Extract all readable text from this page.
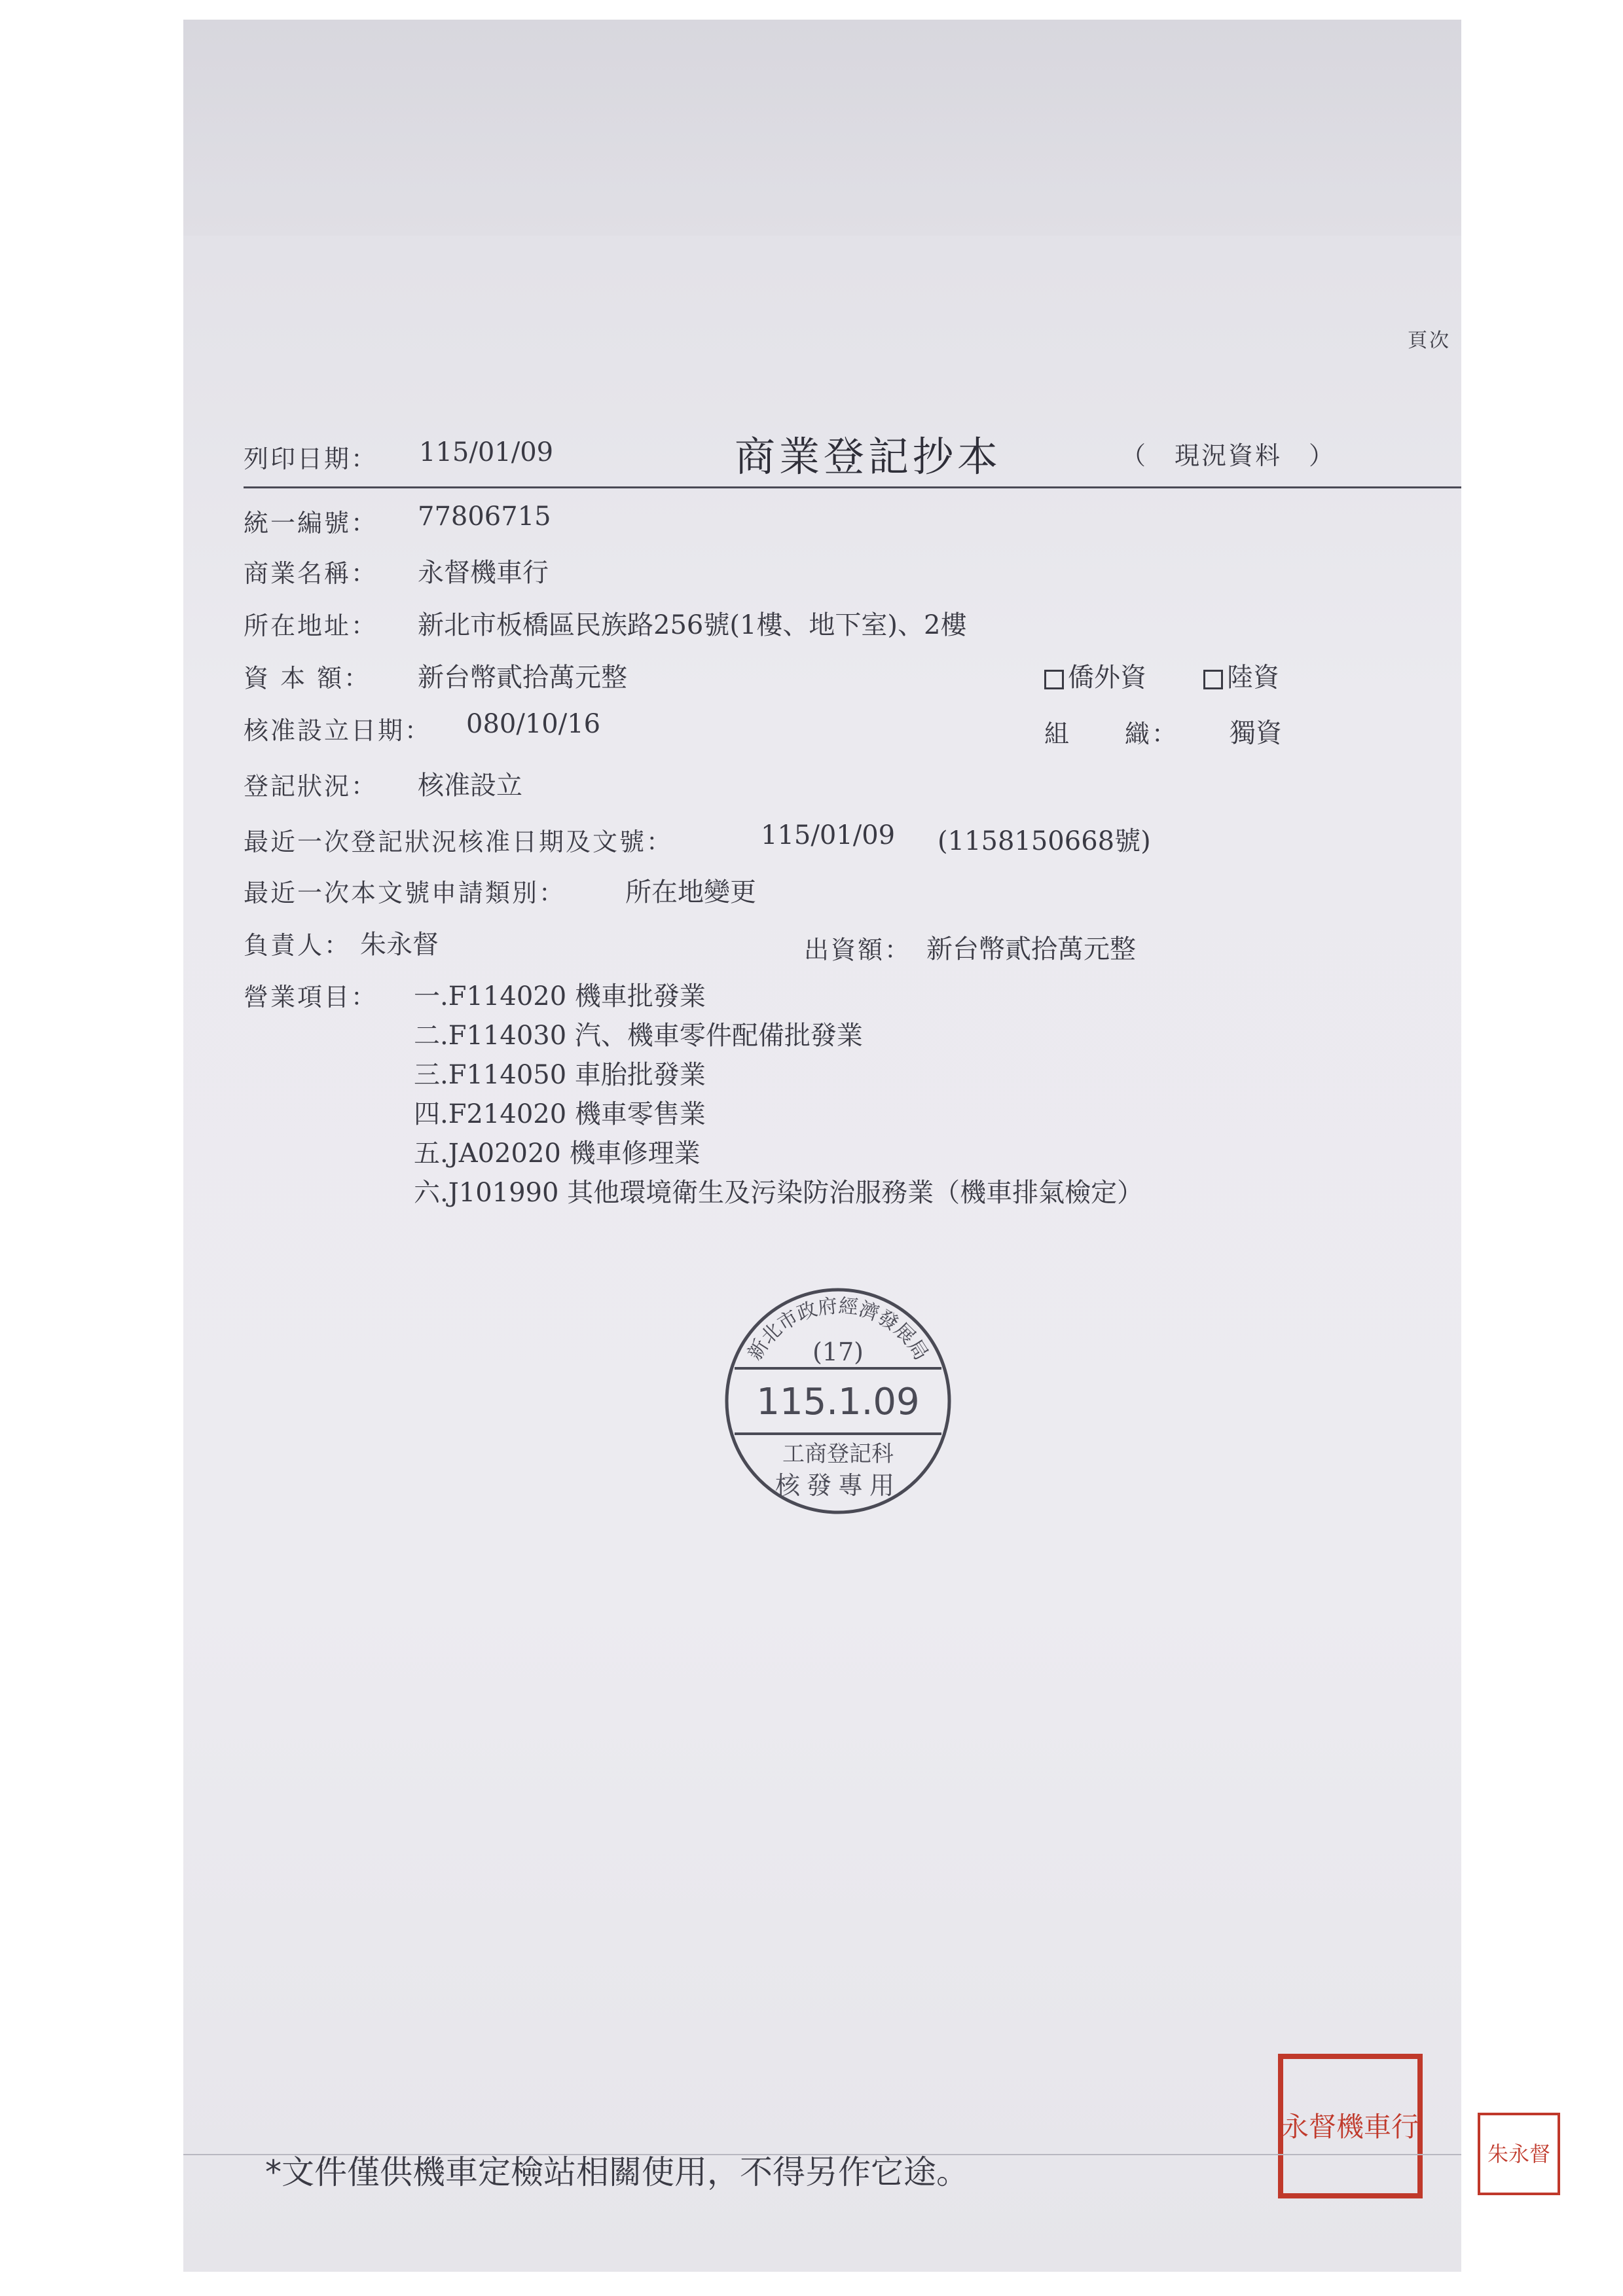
頁次
列印日期： 115/01/09	商業登記抄本	（　現況資料　）
統一編號： 77806715
商業名稱： 永督機車行
所在地址： 新北市板橋區民族路256號(1樓、地下室)、2樓
資 本 額： 新台幣貳拾萬元整	僑外資	陸資
核准設立日期： 080/10/16	組　　織： 獨資
登記狀況： 核准設立
最近一次登記狀況核准日期及文號：	115/01/09 (1158150668號)
最近一次本文號申請類別： 所在地變更
負責人： 朱永督	出資額： 新台幣貳拾萬元整
營業項目： 一.F114020 機車批發業
二.F114030 汽、機車零件配備批發業
三.F114050 車胎批發業
四.F214020 機車零售業
五.JA02020 機車修理業
六.J101990 其他環境衛生及污染防治服務業（機車排氣檢定）
新北市政府經濟發展局
(17)
115.1.09
工商登記科
核發專用
永督機車行
朱永督
*文件僅供機車定檢站相關使用，不得另作它途。
